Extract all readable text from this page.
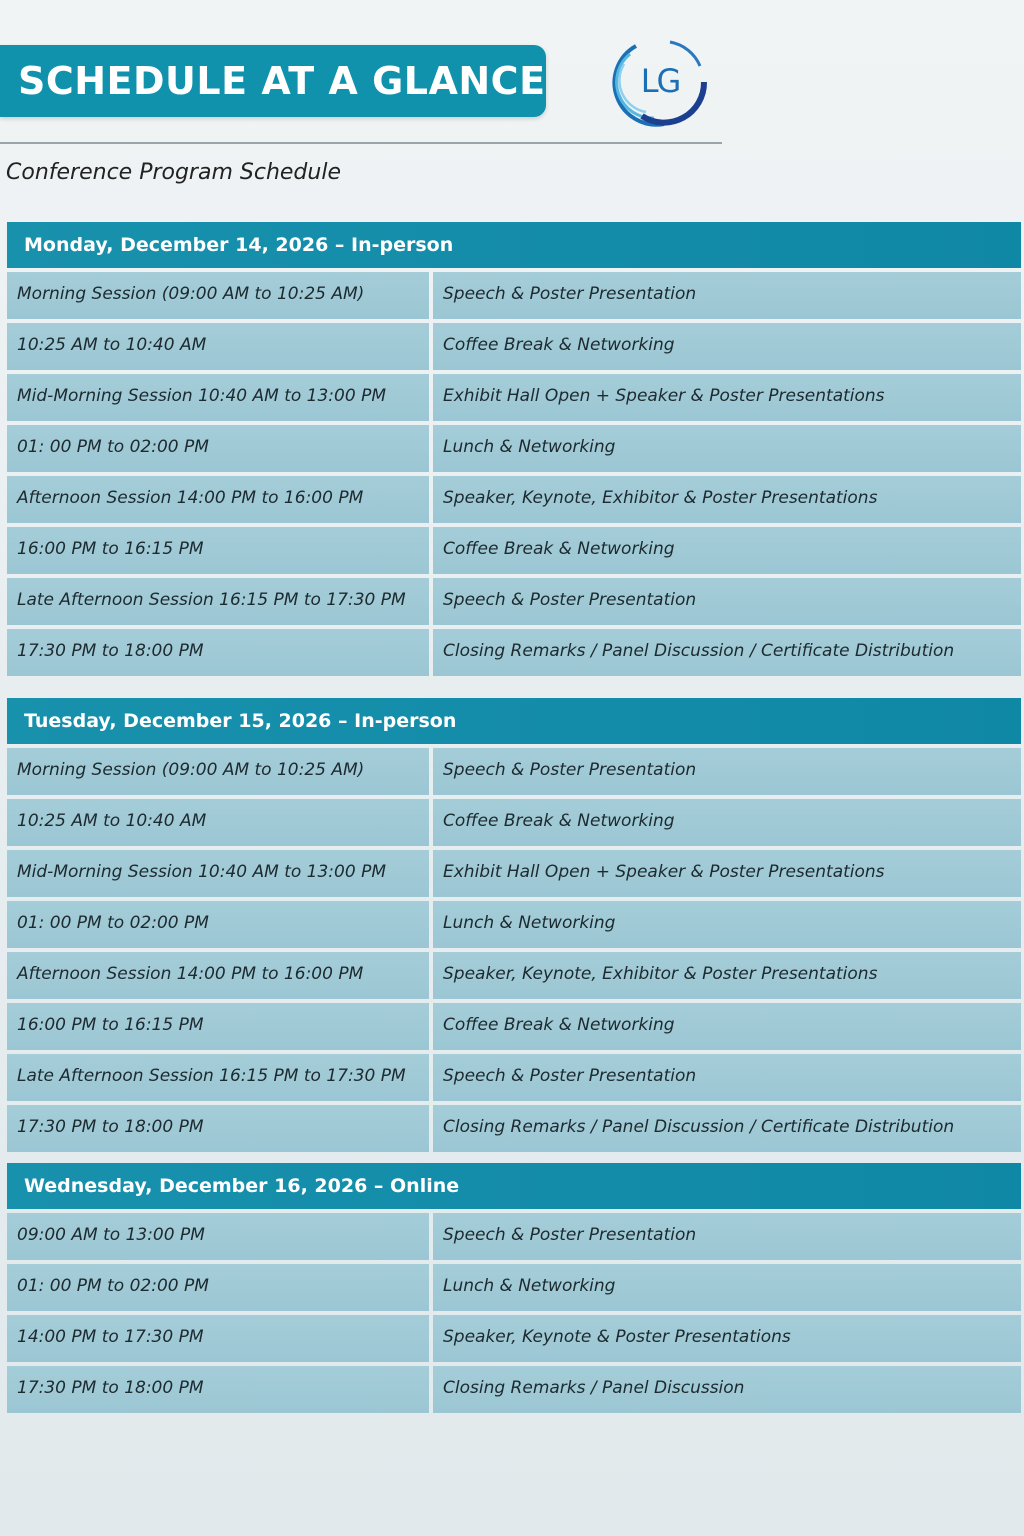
SCHEDULE AT A GLANCE	LG
Conference Program Schedule
Monday, December 14, 2026 – In-person
Morning Session (09:00 AM to 10:25 AM)	Speech & Poster Presentation
10:25 AM to 10:40 AM	Coffee Break & Networking
Mid-Morning Session 10:40 AM to 13:00 PM	Exhibit Hall Open + Speaker & Poster Presentations
01: 00 PM to 02:00 PM	Lunch & Networking
Afternoon Session 14:00 PM to 16:00 PM	Speaker, Keynote, Exhibitor & Poster Presentations
16:00 PM to 16:15 PM	Coffee Break & Networking
Late Afternoon Session 16:15 PM to 17:30 PM	Speech & Poster Presentation
17:30 PM to 18:00 PM	Closing Remarks / Panel Discussion / Certificate Distribution
Tuesday, December 15, 2026 – In-person
Morning Session (09:00 AM to 10:25 AM)	Speech & Poster Presentation
10:25 AM to 10:40 AM	Coffee Break & Networking
Mid-Morning Session 10:40 AM to 13:00 PM	Exhibit Hall Open + Speaker & Poster Presentations
01: 00 PM to 02:00 PM	Lunch & Networking
Afternoon Session 14:00 PM to 16:00 PM	Speaker, Keynote, Exhibitor & Poster Presentations
16:00 PM to 16:15 PM	Coffee Break & Networking
Late Afternoon Session 16:15 PM to 17:30 PM	Speech & Poster Presentation
17:30 PM to 18:00 PM	Closing Remarks / Panel Discussion / Certificate Distribution
Wednesday, December 16, 2026 – Online
09:00 AM to 13:00 PM	Speech & Poster Presentation
01: 00 PM to 02:00 PM	Lunch & Networking
14:00 PM to 17:30 PM	Speaker, Keynote & Poster Presentations
17:30 PM to 18:00 PM	Closing Remarks / Panel Discussion
